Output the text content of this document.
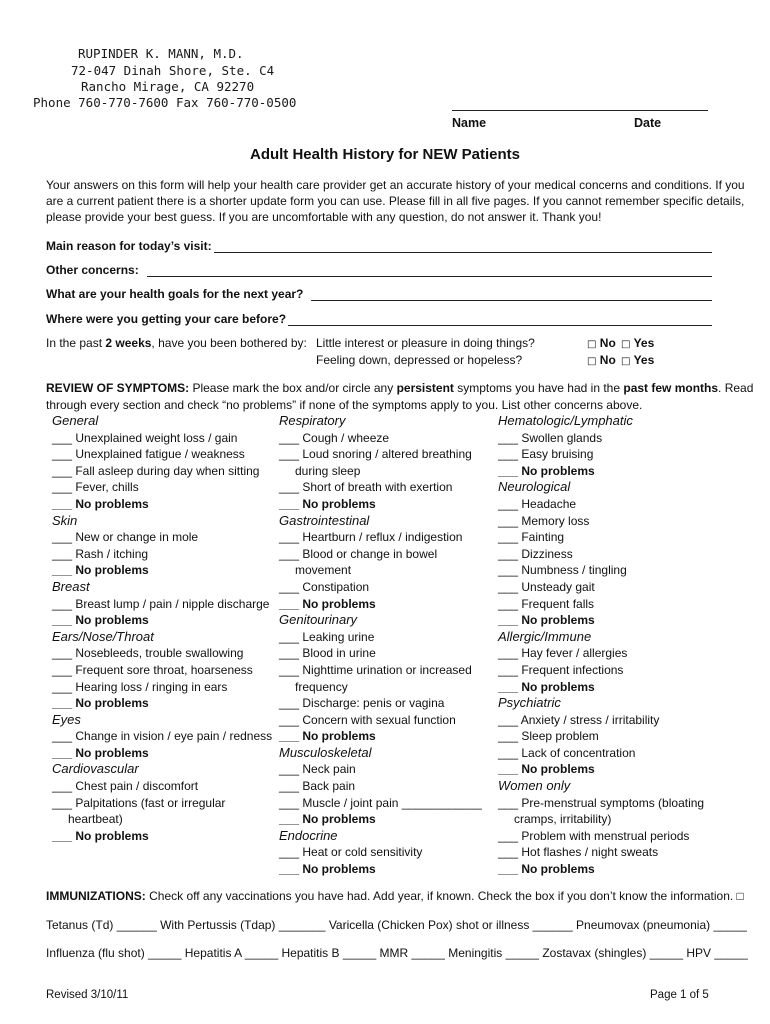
RUPINDER K. MANN, M.D.
72-047 Dinah Shore, Ste. C4
Rancho Mirage, CA 92270
Phone 760-770-7600 Fax 760-770-0500
Name	Date
Adult Health History for NEW Patients
Your answers on this form will help your health care provider get an accurate history of your medical concerns and conditions. If you
are a current patient there is a shorter update form you can use. Please fill in all five pages. If you cannot remember specific details,
please provide your best guess. If you are uncomfortable with any question, do not answer it. Thank you!
Main reason for today’s visit:
Other concerns:
What are your health goals for the next year?
Where were you getting your care before?
In the past 2 weeks, have you been bothered by: Little interest or pleasure in doing things?
Feeling down, depressed or hopeless?
□ No □ Yes
□ No □ Yes
REVIEW OF SYMPTOMS: Please mark the box and/or circle any persistent symptoms you have had in the past few months. Read
through every section and check “no problems” if none of the symptoms apply to you. List other concerns above.
General
___ Unexplained weight loss / gain
___ Unexplained fatigue / weakness
___ Fall asleep during day when sitting
___ Fever, chills
___ No problems
Skin
___ New or change in mole
___ Rash / itching
___ No problems
Breast
___ Breast lump / pain / nipple discharge
___ No problems
Ears/Nose/Throat
___ Nosebleeds, trouble swallowing
___ Frequent sore throat, hoarseness
___ Hearing loss / ringing in ears
___ No problems
Eyes
___ Change in vision / eye pain / redness
___ No problems
Cardiovascular
___ Chest pain / discomfort
___ Palpitations (fast or irregular
heartbeat)
___ No problems
Respiratory
___ Cough / wheeze
___ Loud snoring / altered breathing
during sleep
___ Short of breath with exertion
___ No problems
Gastrointestinal
___ Heartburn / reflux / indigestion
___ Blood or change in bowel
movement
___ Constipation
___ No problems
Genitourinary
___ Leaking urine
___ Blood in urine
___ Nighttime urination or increased
frequency
___ Discharge: penis or vagina
___ Concern with sexual function
___ No problems
Musculoskeletal
___ Neck pain
___ Back pain
___ Muscle / joint pain ____________
___ No problems
Endocrine
___ Heat or cold sensitivity
___ No problems
Hematologic/Lymphatic
___ Swollen glands
___ Easy bruising
___ No problems
Neurological
___ Headache
___ Memory loss
___ Fainting
___ Dizziness
___ Numbness / tingling
___ Unsteady gait
___ Frequent falls
___ No problems
Allergic/Immune
___ Hay fever / allergies
___ Frequent infections
___ No problems
Psychiatric
___ Anxiety / stress / irritability
___ Sleep problem
___ Lack of concentration
___ No problems
Women only
___ Pre-menstrual symptoms (bloating
cramps, irritability)
___ Problem with menstrual periods
___ Hot flashes / night sweats
___ No problems
IMMUNIZATIONS: Check off any vaccinations you have had. Add year, if known. Check the box if you don’t know the information. □
Tetanus (Td) ______ With Pertussis (Tdap) _______ Varicella (Chicken Pox) shot or illness ______ Pneumovax (pneumonia) _____
Influenza (flu shot) _____ Hepatitis A _____ Hepatitis B _____ MMR _____ Meningitis _____ Zostavax (shingles) _____ HPV _____
Revised 3/10/11	Page 1 of 5
